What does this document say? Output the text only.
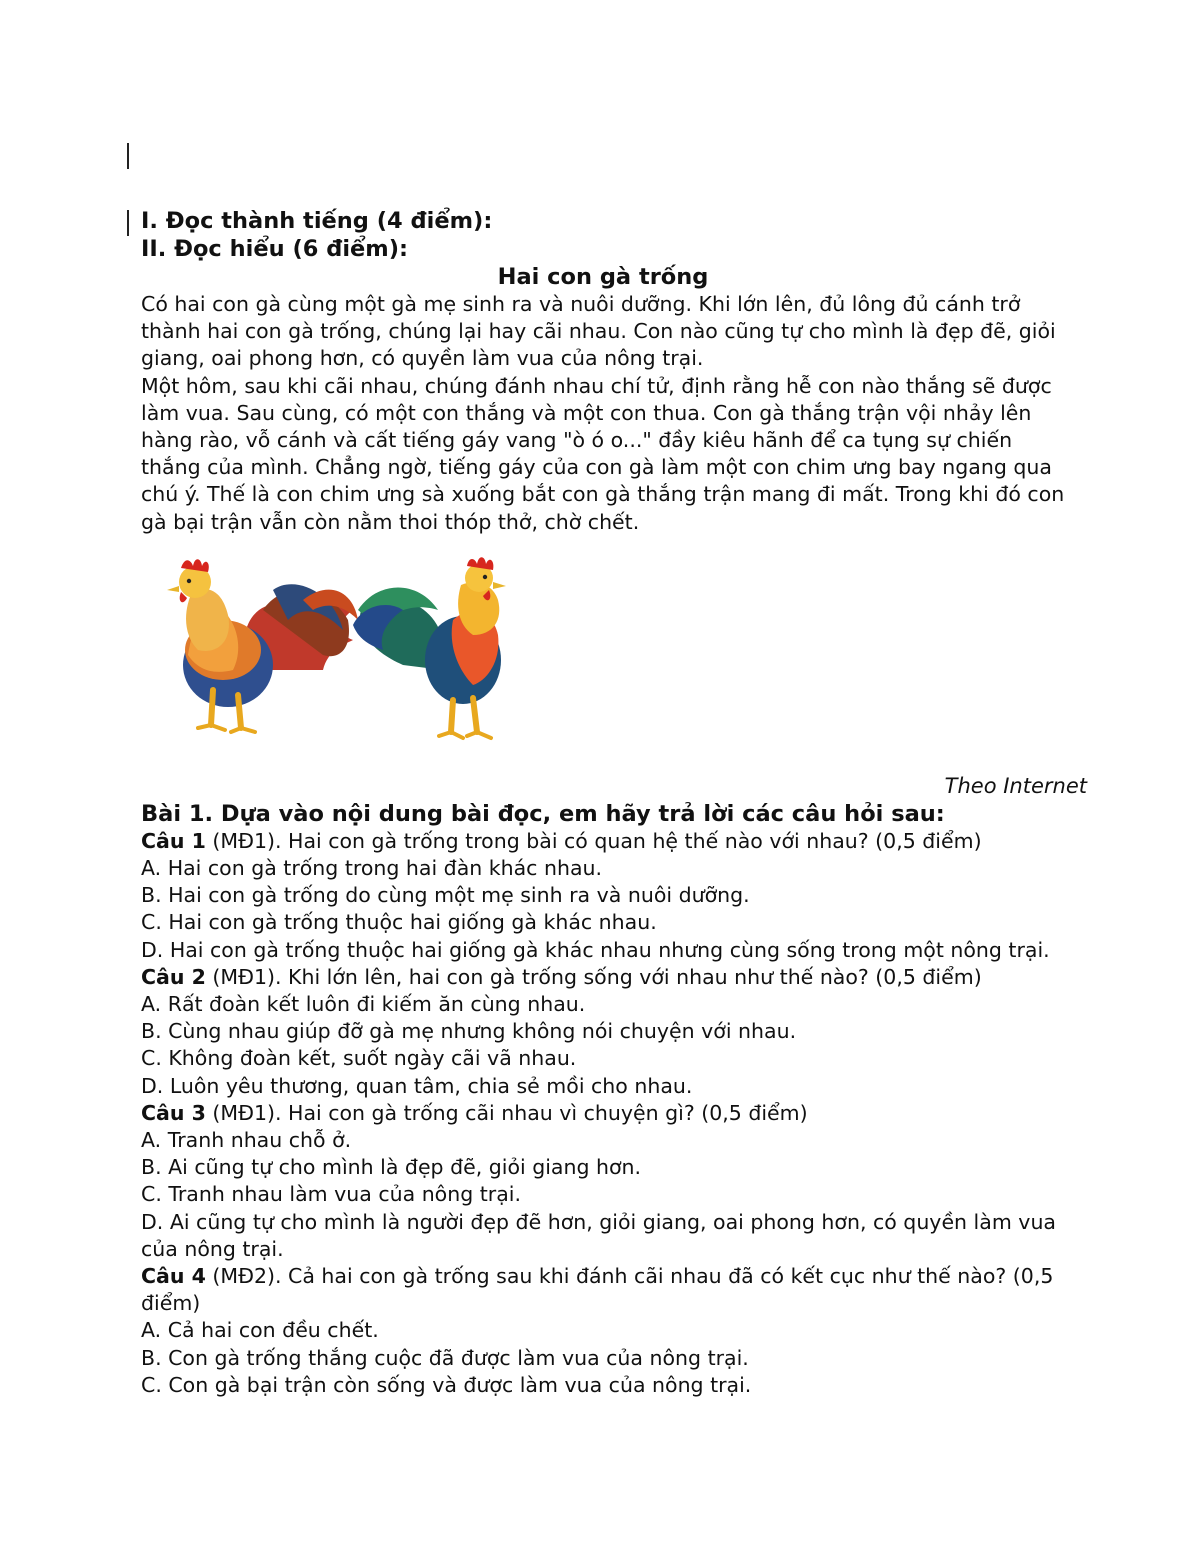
I. Đọc thành tiếng (4 điểm):
II. Đọc hiểu (6 điểm):
Hai con gà trống

Có hai con gà cùng một gà mẹ sinh ra và nuôi dưỡng. Khi lớn lên, đủ lông đủ cánh trở thành hai con gà trống, chúng lại hay cãi nhau. Con nào cũng tự cho mình là đẹp đẽ, giỏi giang, oai phong hơn, có quyền làm vua của nông trại.

Một hôm, sau khi cãi nhau, chúng đánh nhau chí tử, định rằng hễ con nào thắng sẽ được làm vua. Sau cùng, có một con thắng và một con thua. Con gà thắng trận vội nhảy lên hàng rào, vỗ cánh và cất tiếng gáy vang "ò ó o..." đầy kiêu hãnh để ca tụng sự chiến thắng của mình. Chẳng ngờ, tiếng gáy của con gà làm một con chim ưng bay ngang qua chú ý. Thế là con chim ưng sà xuống bắt con gà thắng trận mang đi mất. Trong khi đó con gà bại trận vẫn còn nằm thoi thóp thở, chờ chết.

Theo Internet
Bài 1. Dựa vào nội dung bài đọc, em hãy trả lời các câu hỏi sau:
Câu 1 (MĐ1). Hai con gà trống trong bài có quan hệ thế nào với nhau? (0,5 điểm)
A. Hai con gà trống trong hai đàn khác nhau.
B. Hai con gà trống do cùng một mẹ sinh ra và nuôi dưỡng.
C. Hai con gà trống thuộc hai giống gà khác nhau.
D. Hai con gà trống thuộc hai giống gà khác nhau nhưng cùng sống trong một nông trại.
Câu 2 (MĐ1). Khi lớn lên, hai con gà trống sống với nhau như thế nào? (0,5 điểm)
A. Rất đoàn kết luôn đi kiếm ăn cùng nhau.
B. Cùng nhau giúp đỡ gà mẹ nhưng không nói chuyện với nhau.
C. Không đoàn kết, suốt ngày cãi vã nhau.
D. Luôn yêu thương, quan tâm, chia sẻ mồi cho nhau.
Câu 3 (MĐ1). Hai con gà trống cãi nhau vì chuyện gì? (0,5 điểm)
A. Tranh nhau chỗ ở.
B. Ai cũng tự cho mình là đẹp đẽ, giỏi giang hơn.
C. Tranh nhau làm vua của nông trại.
D. Ai cũng tự cho mình là người đẹp đẽ hơn, giỏi giang, oai phong hơn, có quyền làm vua của nông trại.
Câu 4 (MĐ2). Cả hai con gà trống sau khi đánh cãi nhau đã có kết cục như thế nào? (0,5 điểm)
A. Cả hai con đều chết.
B. Con gà trống thắng cuộc đã được làm vua của nông trại.
C. Con gà bại trận còn sống và được làm vua của nông trại.
